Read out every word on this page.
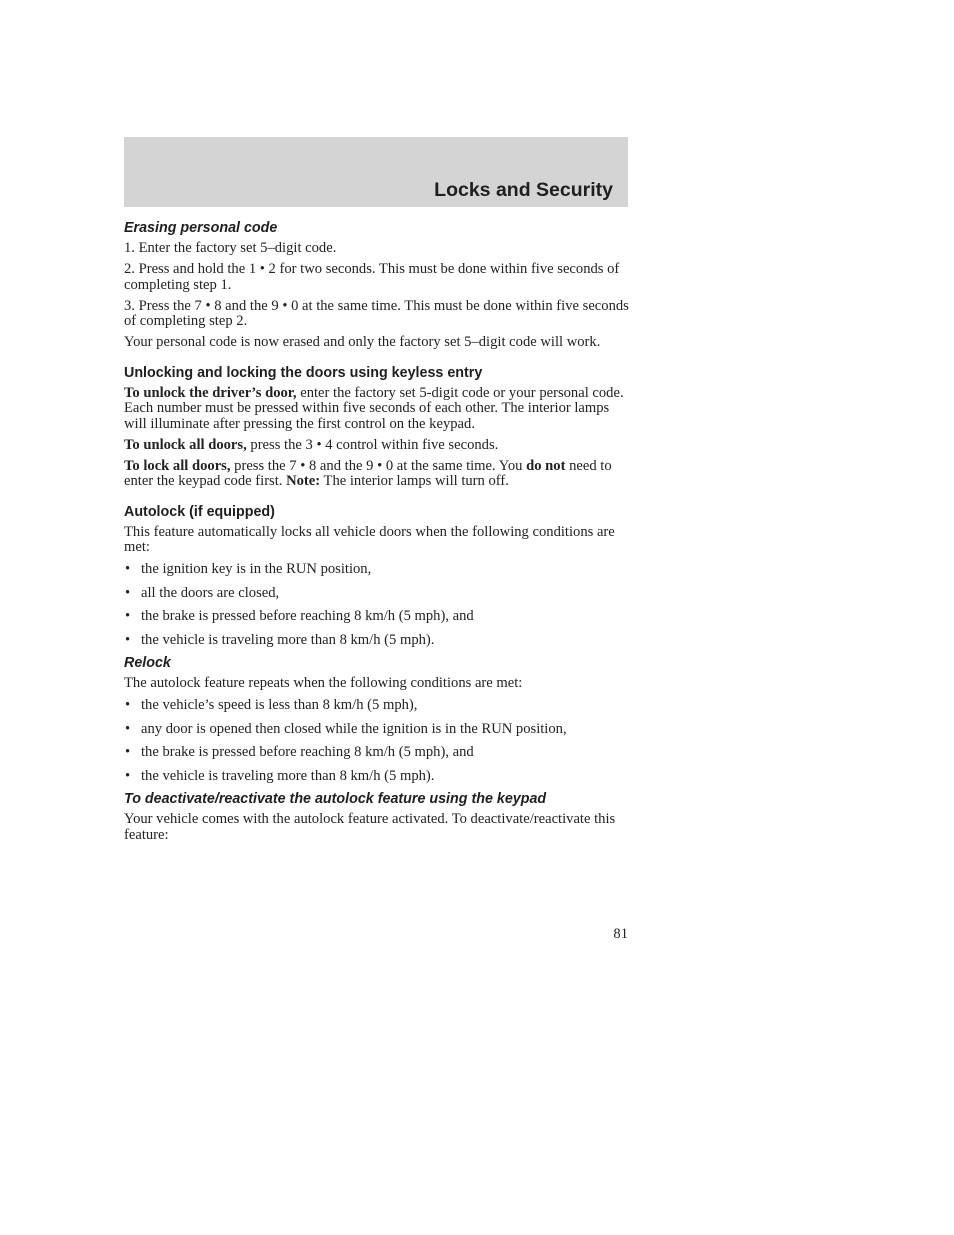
Locks and Security
Erasing personal code

1. Enter the factory set 5–digit code.

2. Press and hold the 1 • 2 for two seconds. This must be done within five seconds of completing step 1.

3. Press the 7 • 8 and the 9 • 0 at the same time. This must be done within five seconds of completing step 2.

Your personal code is now erased and only the factory set 5–digit code will work.

Unlocking and locking the doors using keyless entry

To unlock the driver’s door, enter the factory set 5-digit code or your personal code. Each number must be pressed within five seconds of each other. The interior lamps will illuminate after pressing the first control on the keypad.

To unlock all doors, press the 3 • 4 control within five seconds.

To lock all doors, press the 7 • 8 and the 9 • 0 at the same time. You do not need to enter the keypad code first. Note: The interior lamps will turn off.

Autolock (if equipped)

This feature automatically locks all vehicle doors when the following conditions are met:

• the ignition key is in the RUN position,
• all the doors are closed,
• the brake is pressed before reaching 8 km/h (5 mph), and
• the vehicle is traveling more than 8 km/h (5 mph).
Relock

The autolock feature repeats when the following conditions are met:

• the vehicle’s speed is less than 8 km/h (5 mph),
• any door is opened then closed while the ignition is in the RUN position,
• the brake is pressed before reaching 8 km/h (5 mph), and
• the vehicle is traveling more than 8 km/h (5 mph).
To deactivate/reactivate the autolock feature using the keypad

Your vehicle comes with the autolock feature activated. To deactivate/reactivate this feature:

81
